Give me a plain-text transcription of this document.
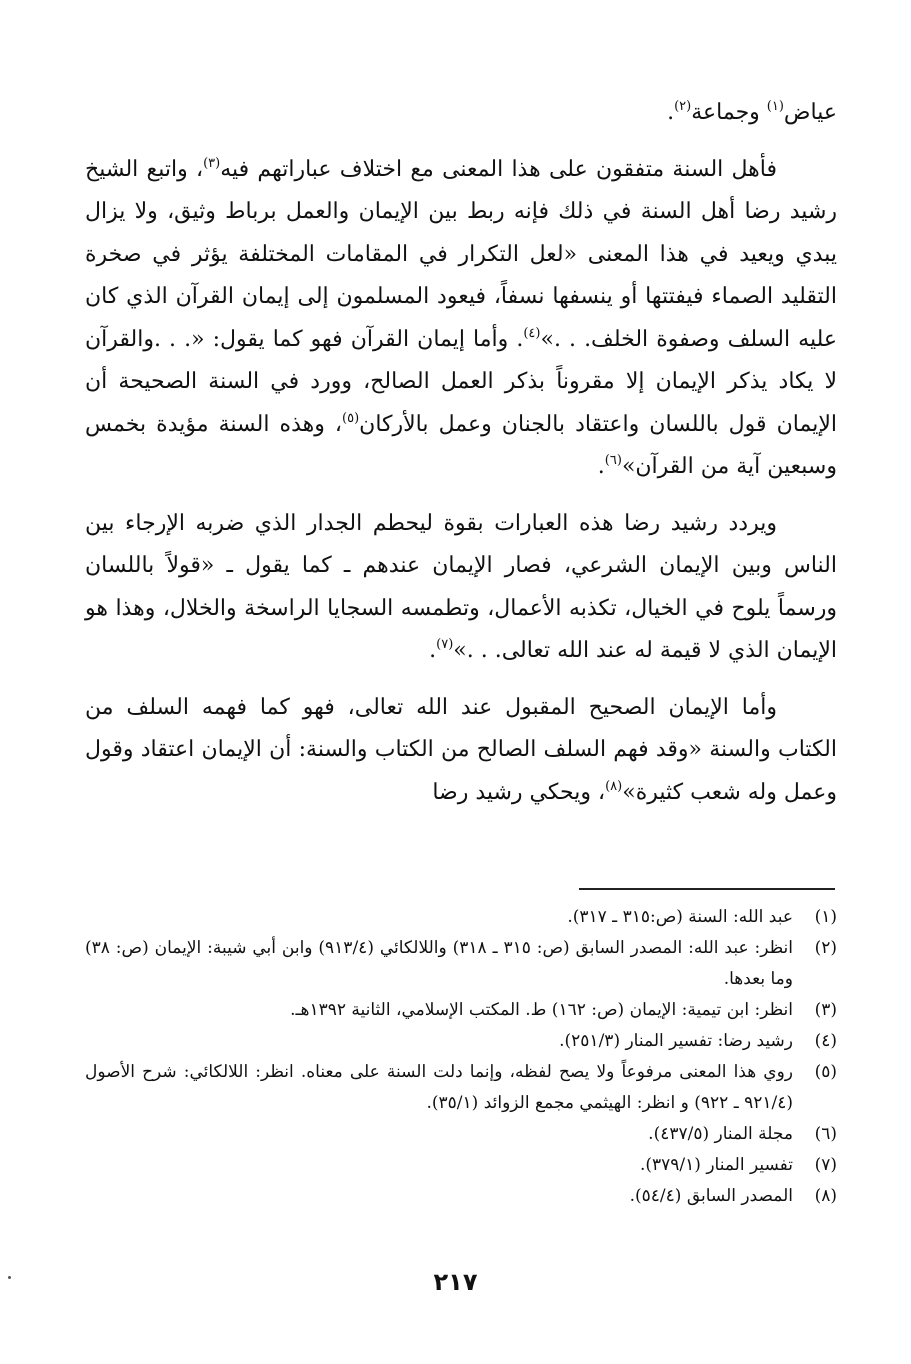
عياض$^{(١)}$ وجماعة$^{(٢)}$.

فأهل السنة متفقون على هذا المعنى مع اختلاف عباراتهم فيه$^{(٣)}$، واتبع الشيخ رشيد رضا أهل السنة في ذلك فإنه ربط بين الإيمان والعمل برباط وثيق، ولا يزال يبدي ويعيد في هذا المعنى «لعل التكرار في المقامات المختلفة يؤثر في صخرة التقليد الصماء فيفتتها أو ينسفها نسفاً، فيعود المسلمون إلى إيمان القرآن الذي كان عليه السلف وصفوة الخلف. . .»$^{(٤)}$. وأما إيمان القرآن فهو كما يقول: «. . .والقرآن لا يكاد يذكر الإيمان إلا مقروناً بذكر العمل الصالح، وورد في السنة الصحيحة أن الإيمان قول باللسان واعتقاد بالجنان وعمل بالأركان$^{(٥)}$، وهذه السنة مؤيدة بخمس وسبعين آية من القرآن»$^{(٦)}$.

ويردد رشيد رضا هذه العبارات بقوة ليحطم الجدار الذي ضربه الإرجاء بين الناس وبين الإيمان الشرعي، فصار الإيمان عندهم ـ كما يقول ـ «قولاً باللسان ورسماً يلوح في الخيال، تكذبه الأعمال، وتطمسه السجايا الراسخة والخلال، وهذا هو الإيمان الذي لا قيمة له عند الله تعالى. . .»$^{(٧)}$.

وأما الإيمان الصحيح المقبول عند الله تعالى، فهو كما فهمه السلف من الكتاب والسنة «وقد فهم السلف الصالح من الكتاب والسنة: أن الإيمان اعتقاد وقول وعمل وله شعب كثيرة»$^{(٨)}$، ويحكي رشيد رضا

(١)
عبد الله: السنة (ص:٣١٥ ـ ٣١٧).
(٢)
انظر: عبد الله: المصدر السابق (ص: ٣١٥ ـ ٣١٨) واللالكائي (٩١٣/٤) وابن أبي شيبة: الإيمان (ص: ٣٨) وما بعدها.
(٣)
انظر: ابن تيمية: الإيمان (ص: ١٦٢) ط. المكتب الإسلامي، الثانية ١٣٩٢هـ.
(٤)
رشيد رضا: تفسير المنار (٢٥١/٣).
(٥)
روي هذا المعنى مرفوعاً ولا يصح لفظه، وإنما دلت السنة على معناه. انظر: اللالكائي: شرح الأصول (٩٢١/٤ ـ ٩٢٢) و انظر: الهيثمي مجمع الزوائد (٣٥/١).
(٦)
مجلة المنار (٤٣٧/٥).
(٧)
تفسير المنار (٣٧٩/١).
(٨)
المصدر السابق (٥٤/٤).
٢١٧
